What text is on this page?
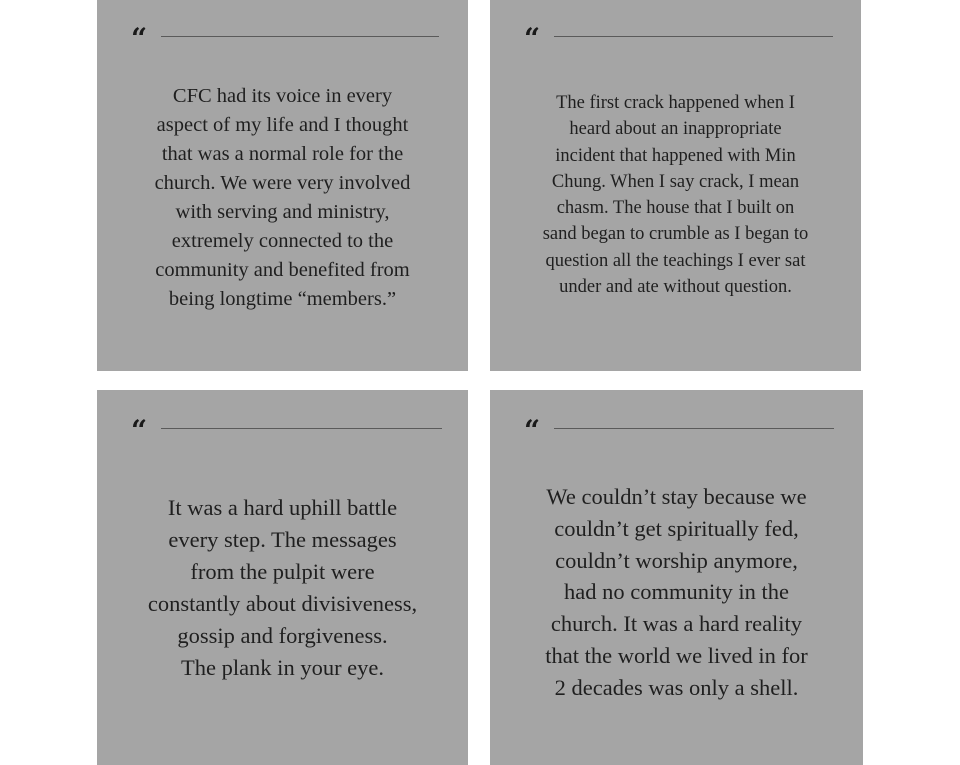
“
CFC had its voice in every
aspect of my life and I thought
that was a normal role for the
church. We were very involved
with serving and ministry,
extremely connected to the
community and benefited from
being longtime “members.”
“
The first crack happened when I
heard about an inappropriate
incident that happened with Min
Chung. When I say crack, I mean
chasm. The house that I built on
sand began to crumble as I began to
question all the teachings I ever sat
under and ate without question.
“
It was a hard uphill battle
every step. The messages
from the pulpit were
constantly about divisiveness,
gossip and forgiveness.
The plank in your eye.
“
We couldn’t stay because we
couldn’t get spiritually fed,
couldn’t worship anymore,
had no community in the
church. It was a hard reality
that the world we lived in for
2 decades was only a shell.
